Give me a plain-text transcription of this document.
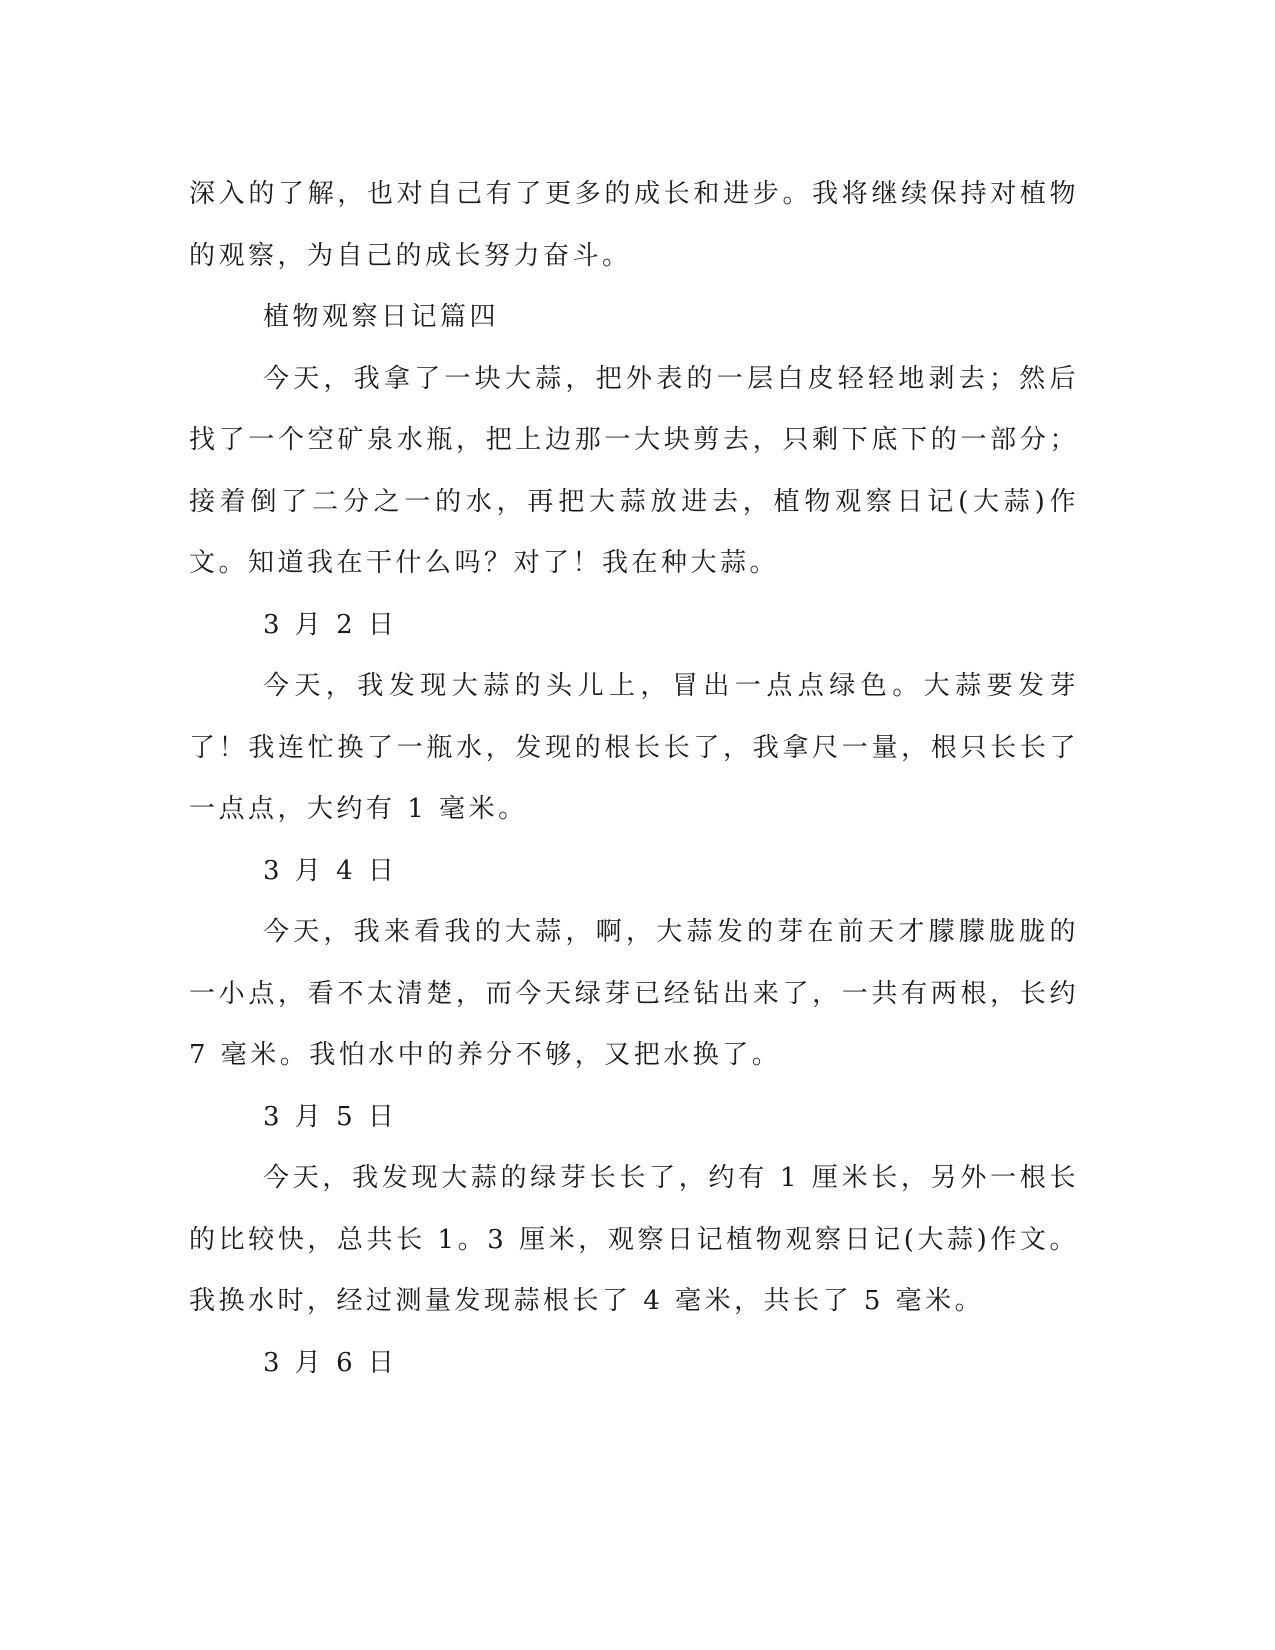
深入的了解，也对自己有了更多的成长和进步。我将继续保持对植物的观察，为自己的成长努力奋斗。

植物观察日记篇四

今天，我拿了一块大蒜，把外表的一层白皮轻轻地剥去；然后找了一个空矿泉水瓶，把上边那一大块剪去，只剩下底下的一部分；接着倒了二分之一的水，再把大蒜放进去，植物观察日记(大蒜)作文。知道我在干什么吗？对了！我在种大蒜。

3 月 2 日

今天，我发现大蒜的头儿上，冒出一点点绿色。大蒜要发芽了！我连忙换了一瓶水，发现的根长长了，我拿尺一量，根只长长了一点点，大约有 1 毫米。

3 月 4 日

今天，我来看我的大蒜，啊，大蒜发的芽在前天才朦朦胧胧的一小点，看不太清楚，而今天绿芽已经钻出来了，一共有两根，长约 7 毫米。我怕水中的养分不够，又把水换了。

3 月 5 日

今天，我发现大蒜的绿芽长长了，约有 1 厘米长，另外一根长的比较快，总共长 1。3 厘米，观察日记植物观察日记(大蒜)作文。我换水时，经过测量发现蒜根长了 4 毫米，共长了 5 毫米。

3 月 6 日
